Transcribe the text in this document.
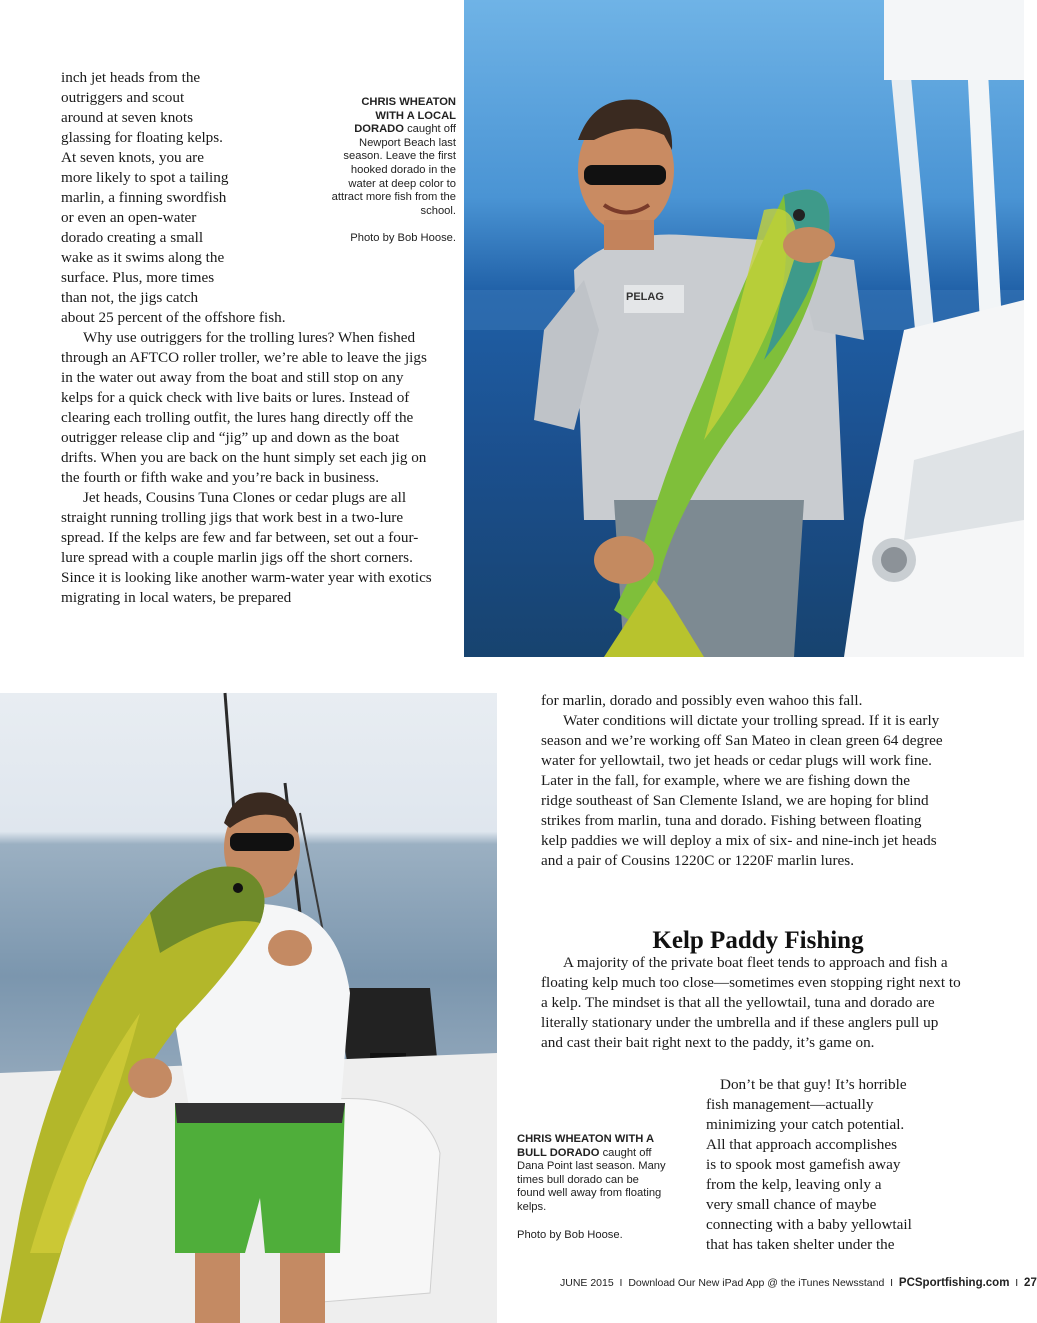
PELAG
CHRIS WHEATON WITH A LOCAL DORADO caught off Newport Beach last season. Leave the first hooked dorado in the water at deep color to attract more fish from the school.
Photo by Bob Hoose.
CHRIS WHEATON WITH A BULL DORADO caught off Dana Point last season. Many times bull dorado can be found well away from floating kelps.
Photo by Bob Hoose.
inch jet heads from the
outriggers and scout
around at seven knots
glassing for floating kelps.
At seven knots, you are
more likely to spot a tailing
marlin, a finning swordfish
or even an open-water
dorado creating a small
wake as it swims along the
surface. Plus, more times
than not, the jigs catch
about 25 percent of the offshore fish.

Why use outriggers for the trolling lures? When fished through an AFTCO roller troller, we’re able to leave the jigs in the water out away from the boat and still stop on any kelps for a quick check with live baits or lures. Instead of clearing each trolling outfit, the lures hang directly off the outrigger release clip and “jig” up and down as the boat drifts. When you are back on the hunt simply set each jig on the fourth or fifth wake and you’re back in business.

Jet heads, Cousins Tuna Clones or cedar plugs are all straight running trolling jigs that work best in a two-lure spread. If the kelps are few and far between, set out a four-lure spread with a couple marlin jigs off the short corners. Since it is looking like another warm-water year with exotics migrating in local waters, be prepared

for marlin, dorado and possibly even wahoo this fall.

Water conditions will dictate your trolling spread. If it is early season and we’re working off San Mateo in clean green 64 degree water for yellowtail, two jet heads or cedar plugs will work fine. Later in the fall, for example, where we are fishing down the ridge southeast of San Clemente Island, we are hoping for blind strikes from marlin, tuna and dorado. Fishing between floating kelp paddies we will deploy a mix of six- and nine-inch jet heads and a pair of Cousins 1220C or 1220F marlin lures.

Kelp Paddy Fishing

A majority of the private boat fleet tends to approach and fish a floating kelp much too close—sometimes even stopping right next to a kelp. The mindset is that all the yellowtail, tuna and dorado are literally stationary under the umbrella and if these anglers pull up and cast their bait right next to the paddy, it’s game on.

Don’t be that guy! It’s horrible
fish management—actually
minimizing your catch potential.
All that approach accomplishes
is to spook most gamefish away
from the kelp, leaving only a
very small chance of maybe
connecting with a baby yellowtail
that has taken shelter under the
JUNE 2015 I Download Our New iPad App @ the iTunes Newsstand I PCSportfishing.com I 27
